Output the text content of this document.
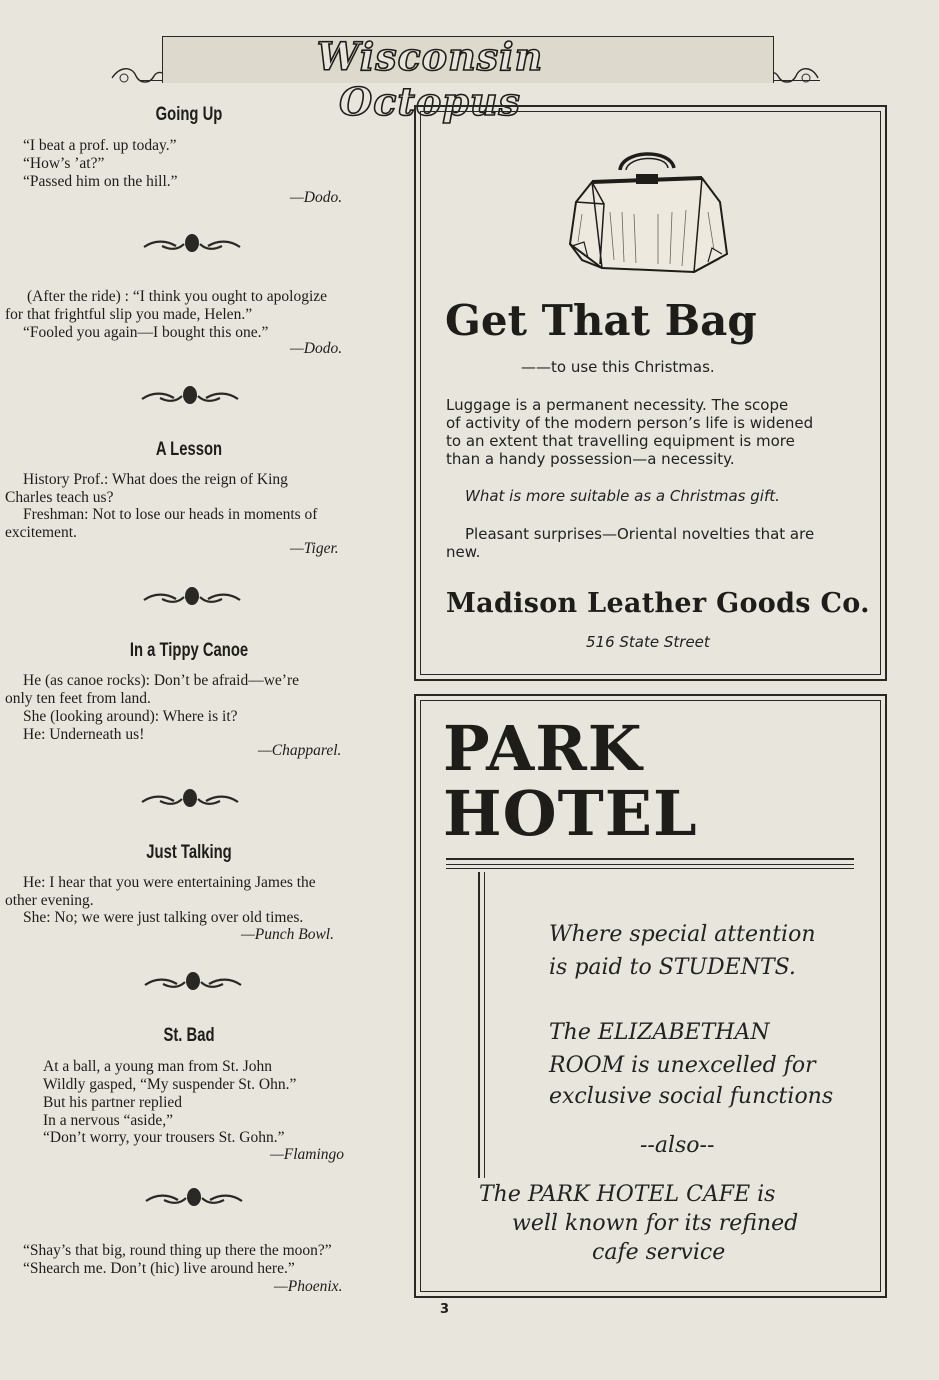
Wisconsin Octopus
Going Up
“I beat a prof. up today.”
“How’s ’at?”
“Passed him on the hill.”
—Dodo.
(After the ride) : “I think you ought to apologize
for that frightful slip you made, Helen.”
“Fooled you again—I bought this one.”
—Dodo.
A Lesson
History Prof.: What does the reign of King
Charles teach us?
Freshman: Not to lose our heads in moments of
excitement.
—Tiger.
In a Tippy Canoe
He (as canoe rocks): Don’t be afraid—we’re
only ten feet from land.
She (looking around): Where is it?
He: Underneath us!
—Chapparel.
Just Talking
He: I hear that you were entertaining James the
other evening.
She: No; we were just talking over old times.
—Punch Bowl.
St. Bad
At a ball, a young man from St. John
Wildly gasped, “My suspender St. Ohn.”
But his partner replied
In a nervous “aside,”
“Don’t worry, your trousers St. Gohn.”
—Flamingo
“Shay’s that big, round thing up there the moon?”
“Shearch me. Don’t (hic) live around here.”
—Phoenix.
Get That Bag
——to use this Christmas.
Luggage is a permanent necessity. The scope
of activity of the modern person’s life is widened
to an extent that travelling equipment is more
than a handy possession—a necessity.
What is more suitable as a Christmas gift.
Pleasant surprises—Oriental novelties that are
new.
Madison Leather Goods Co.
516 State Street
PARK
HOTEL
Where special attention
is paid to STUDENTS.
The ELIZABETHAN
ROOM is unexcelled for
exclusive social functions
--also--
The PARK HOTEL CAFE is
well known for its refined
cafe service
3
